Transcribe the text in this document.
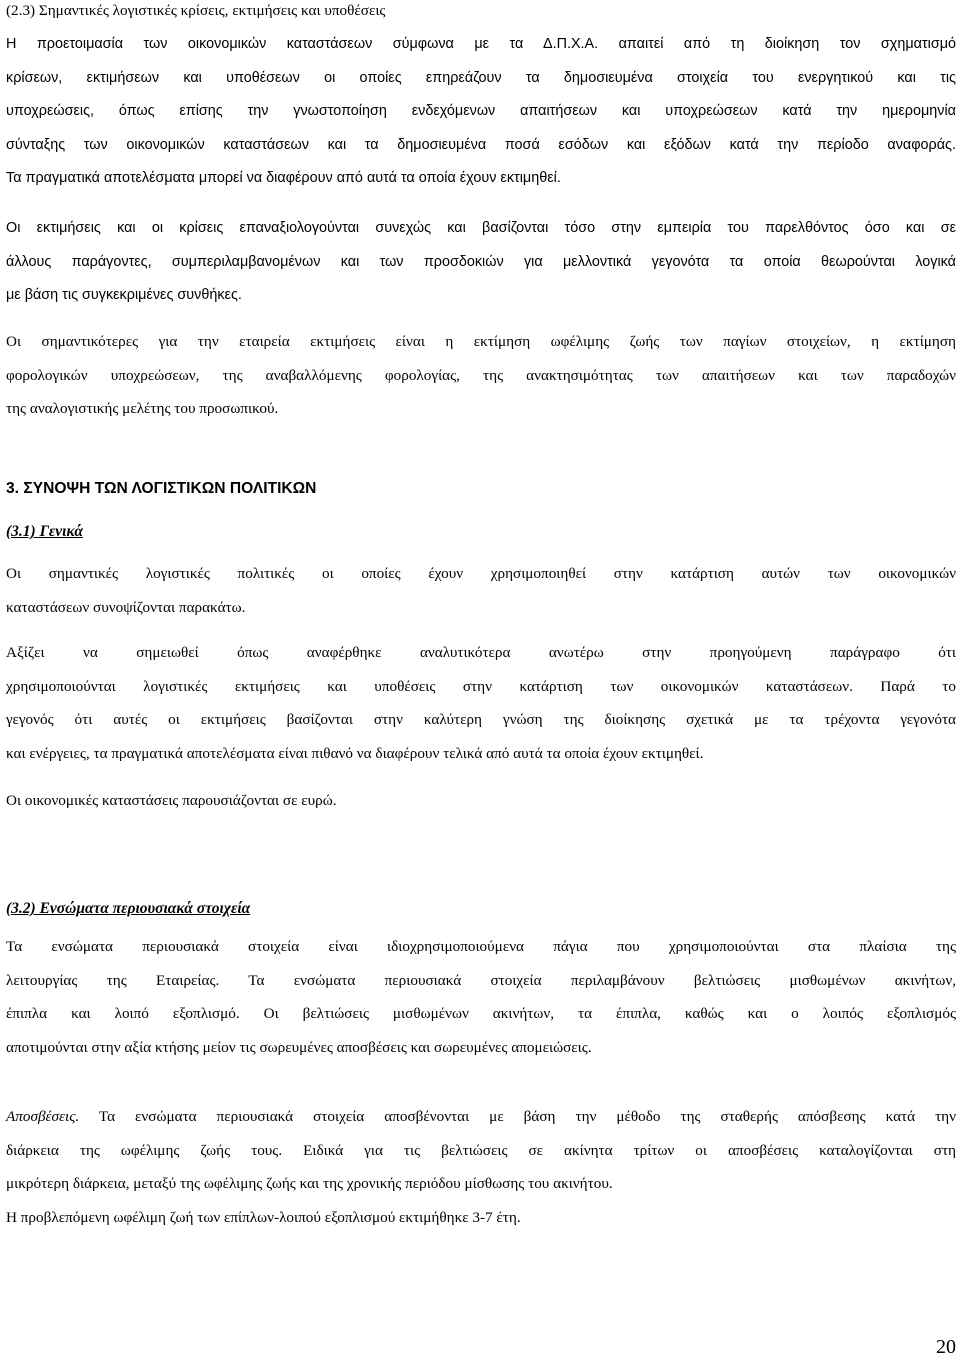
(2.3) Σημαντικές λογιστικές κρίσεις, εκτιμήσεις και υποθέσεις
Η προετοιμασία των οικονομικών καταστάσεων σύμφωνα με τα Δ.Π.Χ.Α. απαιτεί από τη διοίκηση τον σχηματισμό
κρίσεων, εκτιμήσεων και υποθέσεων οι οποίες επηρεάζουν τα δημοσιευμένα στοιχεία του ενεργητικού και τις
υποχρεώσεις, όπως επίσης την γνωστοποίηση ενδεχόμενων απαιτήσεων και υποχρεώσεων κατά την ημερομηνία
σύνταξης των οικονομικών καταστάσεων και τα δημοσιευμένα ποσά εσόδων και εξόδων κατά την περίοδο αναφοράς.
Τα πραγματικά αποτελέσματα μπορεί να διαφέρουν από αυτά τα οποία έχουν εκτιμηθεί.
Οι εκτιμήσεις και οι κρίσεις επαναξιολογούνται συνεχώς και βασίζονται τόσο στην εμπειρία του παρελθόντος όσο και σε
άλλους παράγοντες, συμπεριλαμβανομένων και των προσδοκιών για μελλοντικά γεγονότα τα οποία θεωρούνται λογικά
με βάση τις συγκεκριμένες συνθήκες.
Οι σημαντικότερες για την εταιρεία εκτιμήσεις είναι η εκτίμηση ωφέλιμης ζωής των παγίων στοιχείων, η εκτίμηση
φορολογικών υποχρεώσεων, της αναβαλλόμενης φορολογίας, της ανακτησιμότητας των απαιτήσεων και των παραδοχών
της αναλογιστικής μελέτης του προσωπικού.
3. ΣΥΝΟΨΗ ΤΩΝ ΛΟΓΙΣΤΙΚΩΝ ΠΟΛΙΤΙΚΩΝ
(3.1) Γενικά
Οι σημαντικές λογιστικές πολιτικές οι οποίες έχουν χρησιμοποιηθεί στην κατάρτιση αυτών των οικονομικών
καταστάσεων συνοψίζονται παρακάτω.
Αξίζει να σημειωθεί όπως αναφέρθηκε αναλυτικότερα ανωτέρω στην προηγούμενη παράγραφο ότι
χρησιμοποιούνται λογιστικές εκτιμήσεις και υποθέσεις στην κατάρτιση των οικονομικών καταστάσεων. Παρά το
γεγονός ότι αυτές οι εκτιμήσεις βασίζονται στην καλύτερη γνώση της διοίκησης σχετικά με τα τρέχοντα γεγονότα
και ενέργειες, τα πραγματικά αποτελέσματα είναι πιθανό να διαφέρουν τελικά από αυτά τα οποία έχουν εκτιμηθεί.
Οι οικονομικές καταστάσεις παρουσιάζονται σε ευρώ.
(3.2) Ενσώματα περιουσιακά στοιχεία
Τα ενσώματα περιουσιακά στοιχεία είναι ιδιοχρησιμοποιούμενα πάγια που χρησιμοποιούνται στα πλαίσια της
λειτουργίας της Εταιρείας. Τα ενσώματα περιουσιακά στοιχεία περιλαμβάνουν βελτιώσεις μισθωμένων ακινήτων,
έπιπλα και λοιπό εξοπλισμό. Οι βελτιώσεις μισθωμένων ακινήτων, τα έπιπλα, καθώς και ο λοιπός εξοπλισμός
αποτιμούνται στην αξία κτήσης μείον τις σωρευμένες αποσβέσεις και σωρευμένες απομειώσεις.
Αποσβέσεις. Τα ενσώματα περιουσιακά στοιχεία αποσβένονται με βάση την μέθοδο της σταθερής απόσβεσης κατά την
διάρκεια της ωφέλιμης ζωής τους. Ειδικά για τις βελτιώσεις σε ακίνητα τρίτων οι αποσβέσεις καταλογίζονται στη
μικρότερη διάρκεια, μεταξύ της ωφέλιμης ζωής και της χρονικής περιόδου μίσθωσης του ακινήτου.
Η προβλεπόμενη ωφέλιμη ζωή των επίπλων-λοιπού εξοπλισμού εκτιμήθηκε 3-7 έτη.
20
